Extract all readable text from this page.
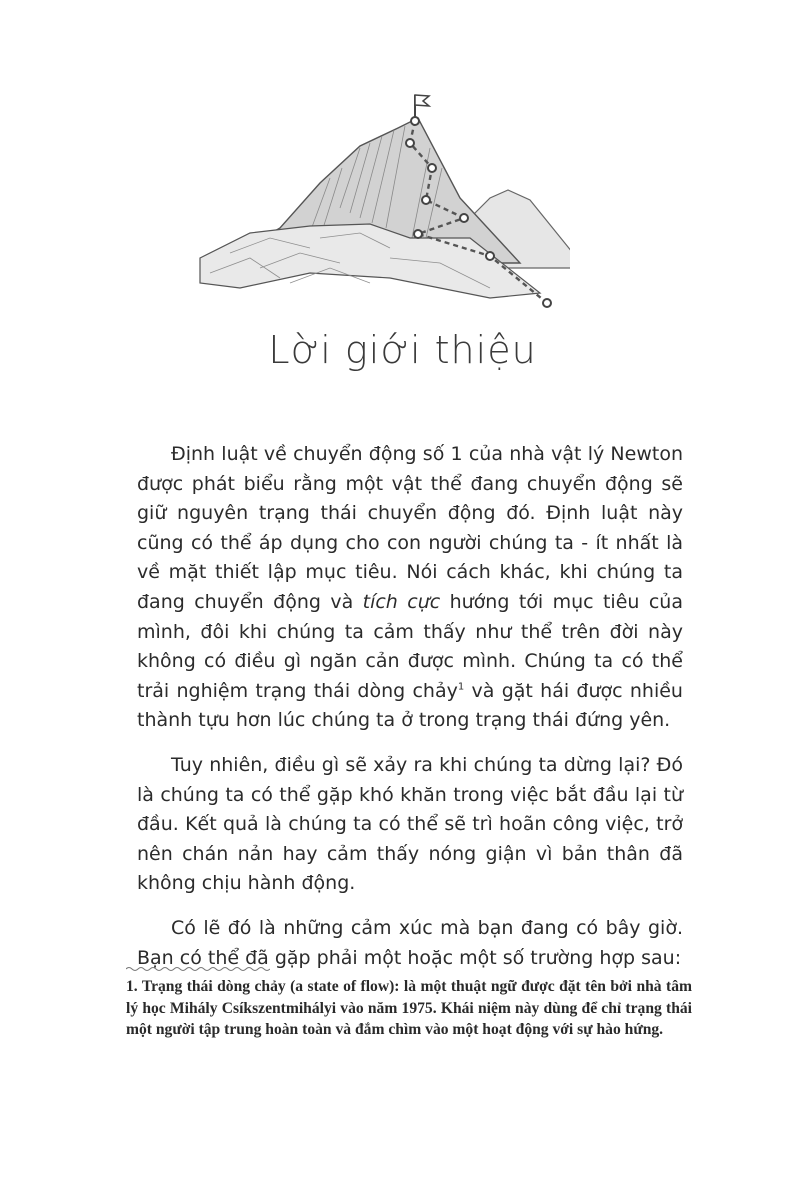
Lời giới thiệu

Định luật về chuyển động số 1 của nhà vật lý Newton được phát biểu rằng một vật thể đang chuyển động sẽ giữ nguyên trạng thái chuyển động đó. Định luật này cũng có thể áp dụng cho con người chúng ta - ít nhất là về mặt thiết lập mục tiêu. Nói cách khác, khi chúng ta đang chuyển động và tích cực hướng tới mục tiêu của mình, đôi khi chúng ta cảm thấy như thể trên đời này không có điều gì ngăn cản được mình. Chúng ta có thể trải nghiệm trạng thái dòng chảy$^1$ và gặt hái được nhiều thành tựu hơn lúc chúng ta ở trong trạng thái đứng yên.

Tuy nhiên, điều gì sẽ xảy ra khi chúng ta dừng lại? Đó là chúng ta có thể gặp khó khăn trong việc bắt đầu lại từ đầu. Kết quả là chúng ta có thể sẽ trì hoãn công việc, trở nên chán nản hay cảm thấy nóng giận vì bản thân đã không chịu hành động.

Có lẽ đó là những cảm xúc mà bạn đang có bây giờ. Bạn có thể đã gặp phải một hoặc một số trường hợp sau:

1. Trạng thái dòng chảy (a state of flow): là một thuật ngữ được đặt tên bởi nhà tâm lý học Mihály Csíkszentmihályi vào năm 1975. Khái niệm này dùng để chỉ trạng thái một người tập trung hoàn toàn và đắm chìm vào một hoạt động với sự hào hứng.
